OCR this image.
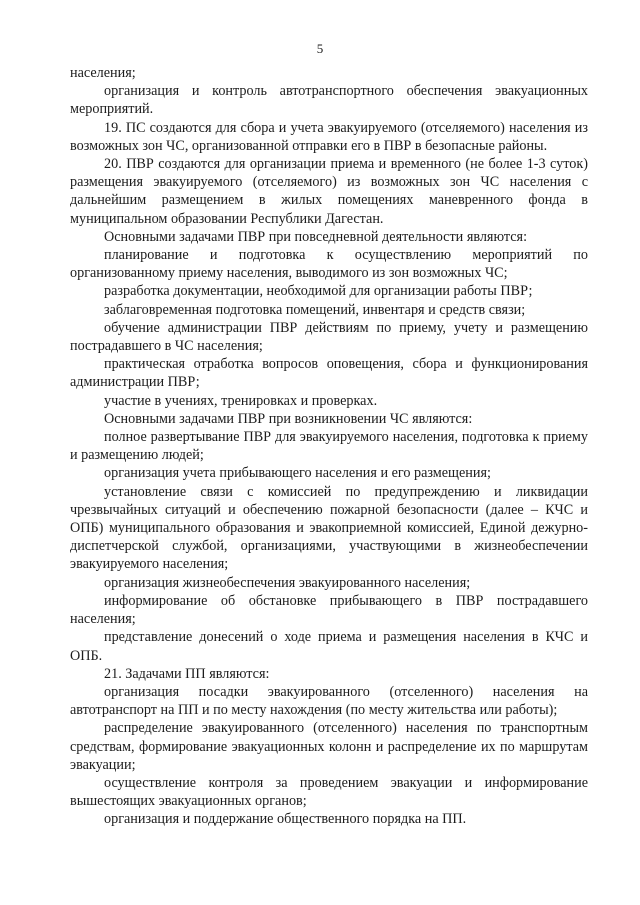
5

населения;

организация и контроль автотранспортного обеспечения эвакуационных мероприятий.

19. ПС создаются для сбора и учета эвакуируемого (отселяемого) населения из возможных зон ЧС, организованной отправки его в ПВР в безопасные районы.

20. ПВР создаются для организации приема и временного (не более 1-3 суток) размещения эвакуируемого (отселяемого) из возможных зон ЧС населения с дальнейшим размещением в жилых помещениях маневренного фонда в муниципальном образовании Республики Дагестан.

Основными задачами ПВР при повседневной деятельности являются:

планирование и подготовка к осуществлению мероприятий по организованному приему населения, выводимого из зон возможных ЧС;

разработка документации, необходимой для организации работы ПВР;

заблаговременная подготовка помещений, инвентаря и средств связи;

обучение администрации ПВР действиям по приему, учету и размещению пострадавшего в ЧС населения;

практическая отработка вопросов оповещения, сбора и функционирования администрации ПВР;

участие в учениях, тренировках и проверках.

Основными задачами ПВР при возникновении ЧС являются:

полное развертывание ПВР для эвакуируемого населения, подготовка к приему и размещению людей;

организация учета прибывающего населения и его размещения;

установление связи с комиссией по предупреждению и ликвидации чрезвычайных ситуаций и обеспечению пожарной безопасности (далее – КЧС и ОПБ) муниципального образования и эвакоприемной комиссией, Единой дежурно-диспетчерской службой, организациями, участвующими в жизнеобеспечении эвакуируемого населения;

организация жизнеобеспечения эвакуированного населения;

информирование об обстановке прибывающего в ПВР пострадавшего населения;

представление донесений о ходе приема и размещения населения в КЧС и ОПБ.

21. Задачами ПП являются:

организация посадки эвакуированного (отселенного) населения на автотранспорт на ПП и по месту нахождения (по месту жительства или работы);

распределение эвакуированного (отселенного) населения по транспортным средствам, формирование эвакуационных колонн и распределение их по маршрутам эвакуации;

осуществление контроля за проведением эвакуации и информирование вышестоящих эвакуационных органов;

организация и поддержание общественного порядка на ПП.
